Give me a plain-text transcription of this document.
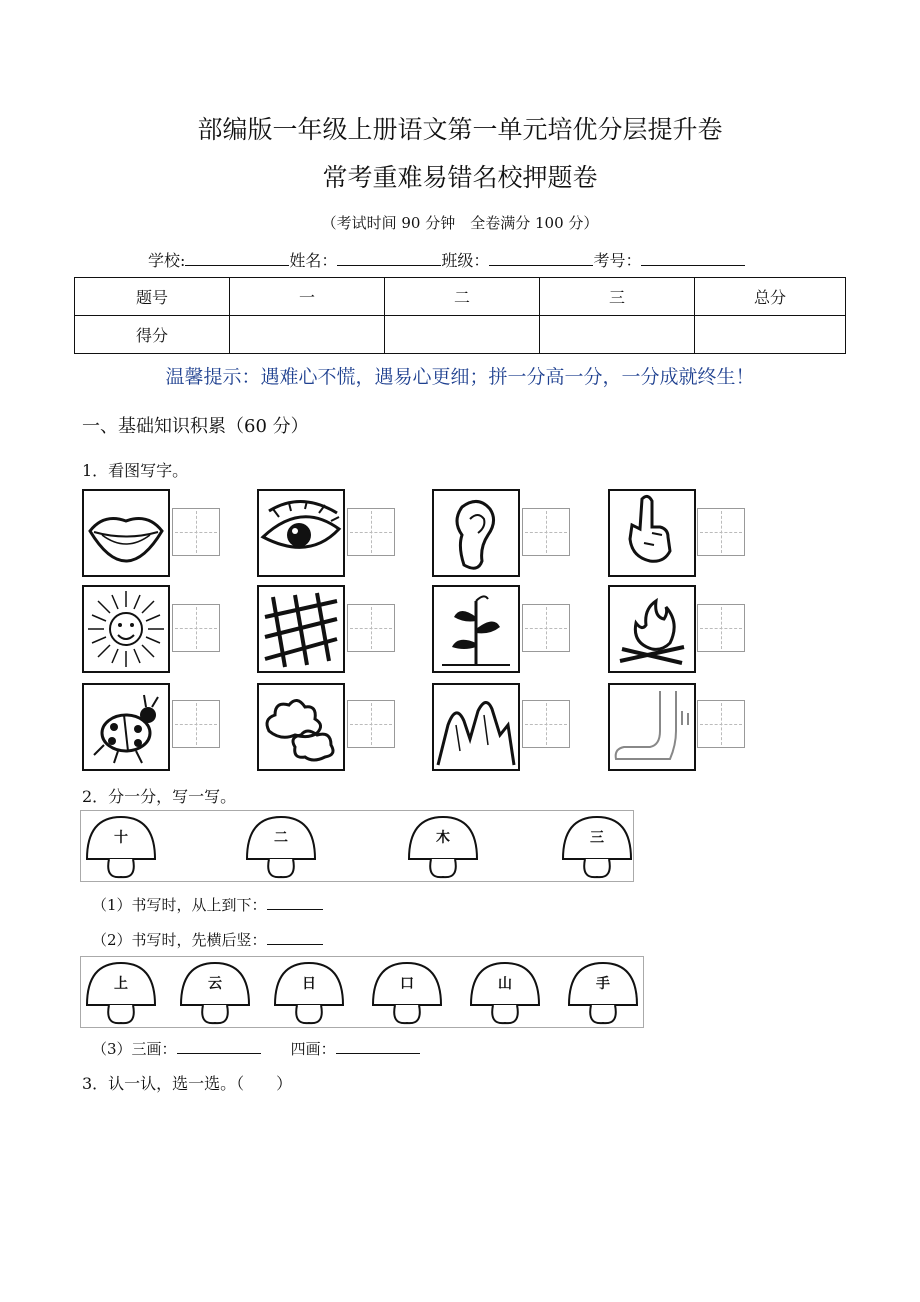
部编版一年级上册语文第一单元培优分层提升卷
常考重难易错名校押题卷
（考试时间 90 分钟　全卷满分 100 分）
学校:	姓名：	班级：	考号：
题号	一	二	三	总分
得分				
温馨提示：遇难心不慌，遇易心更细；拼一分高一分，一分成就终生！
一、基础知识积累（60 分）
1．看图写字。
2．分一分，写一写。
十	二	木	三
（1）书写时，从上到下：
（2）书写时，先横后竖：
上	云	日	口	山	手
（3）三画：　　	四画：
3．认一认，选一选。（　　）
